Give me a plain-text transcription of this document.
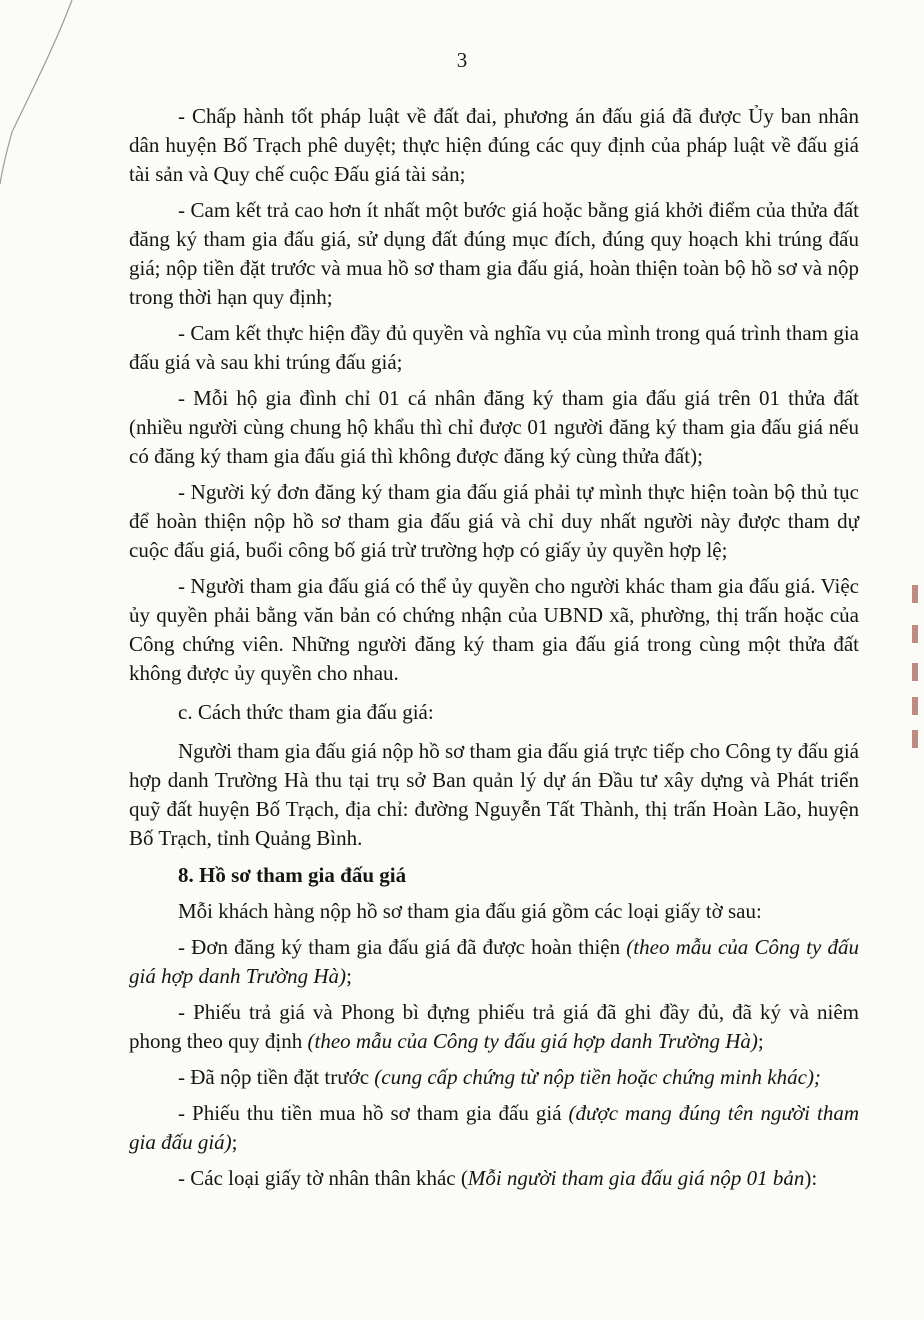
3

- Chấp hành tốt pháp luật về đất đai, phương án đấu giá đã được Ủy ban nhân dân huyện Bố Trạch phê duyệt; thực hiện đúng các quy định của pháp luật về đấu giá tài sản và Quy chế cuộc Đấu giá tài sản;

- Cam kết trả cao hơn ít nhất một bước giá hoặc bằng giá khởi điểm của thửa đất đăng ký tham gia đấu giá, sử dụng đất đúng mục đích, đúng quy hoạch khi trúng đấu giá; nộp tiền đặt trước và mua hồ sơ tham gia đấu giá, hoàn thiện toàn bộ hồ sơ và nộp trong thời hạn quy định;

- Cam kết thực hiện đầy đủ quyền và nghĩa vụ của mình trong quá trình tham gia đấu giá và sau khi trúng đấu giá;

- Mỗi hộ gia đình chỉ 01 cá nhân đăng ký tham gia đấu giá trên 01 thửa đất (nhiều người cùng chung hộ khẩu thì chỉ được 01 người đăng ký tham gia đấu giá nếu có đăng ký tham gia đấu giá thì không được đăng ký cùng thửa đất);

- Người ký đơn đăng ký tham gia đấu giá phải tự mình thực hiện toàn bộ thủ tục để hoàn thiện nộp hồ sơ tham gia đấu giá và chỉ duy nhất người này được tham dự cuộc đấu giá, buổi công bố giá trừ trường hợp có giấy ủy quyền hợp lệ;

- Người tham gia đấu giá có thể ủy quyền cho người khác tham gia đấu giá. Việc ủy quyền phải bằng văn bản có chứng nhận của UBND xã, phường, thị trấn hoặc của Công chứng viên. Những người đăng ký tham gia đấu giá trong cùng một thửa đất không được ủy quyền cho nhau.

c. Cách thức tham gia đấu giá:

Người tham gia đấu giá nộp hồ sơ tham gia đấu giá trực tiếp cho Công ty đấu giá hợp danh Trường Hà thu tại trụ sở Ban quản lý dự án Đầu tư xây dựng và Phát triển quỹ đất huyện Bố Trạch, địa chỉ: đường Nguyễn Tất Thành, thị trấn Hoàn Lão, huyện Bố Trạch, tỉnh Quảng Bình.

8. Hồ sơ tham gia đấu giá

Mỗi khách hàng nộp hồ sơ tham gia đấu giá gồm các loại giấy tờ sau:

- Đơn đăng ký tham gia đấu giá đã được hoàn thiện (theo mẫu của Công ty đấu giá hợp danh Trường Hà);

- Phiếu trả giá và Phong bì đựng phiếu trả giá đã ghi đầy đủ, đã ký và niêm phong theo quy định (theo mẫu của Công ty đấu giá hợp danh Trường Hà);

- Đã nộp tiền đặt trước (cung cấp chứng từ nộp tiền hoặc chứng minh khác);

- Phiếu thu tiền mua hồ sơ tham gia đấu giá (được mang đúng tên người tham gia đấu giá);

- Các loại giấy tờ nhân thân khác (Mỗi người tham gia đấu giá nộp 01 bản):
